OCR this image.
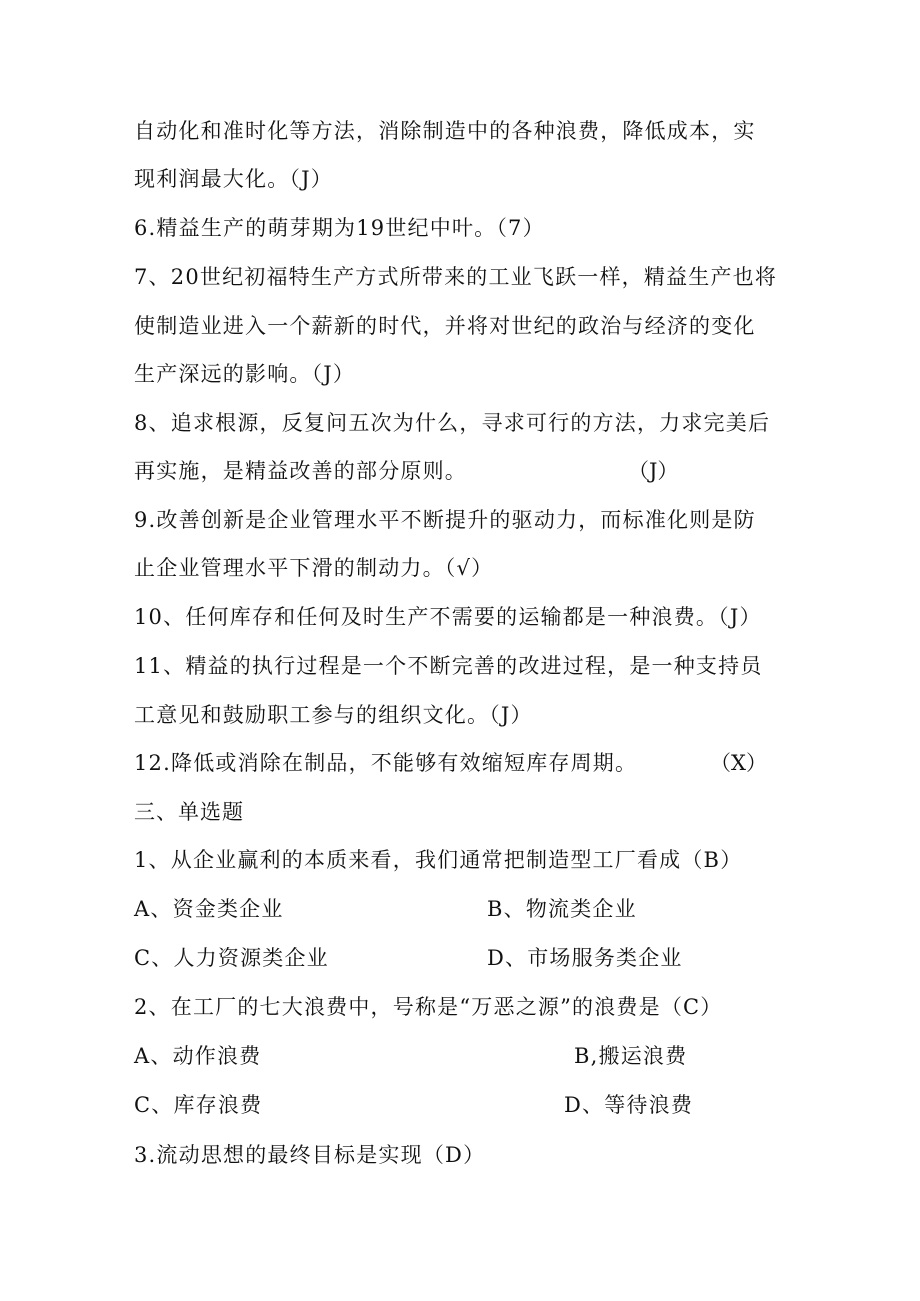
自动化和准时化等方法，消除制造中的各种浪费，降低成本，实
现利润最大化。（J）
6.精益生产的萌芽期为19世纪中叶。（7）
7、20世纪初福特生产方式所带来的工业飞跃一样，精益生产也将
使制造业进入一个薪新的时代，并将对世纪的政治与经济的变化
生产深远的影响。（J）
8、追求根源，反复问五次为什么，寻求可行的方法，力求完美后
再实施，是精益改善的部分原则。	（J）
9.改善创新是企业管理水平不断提升的驱动力，而标准化则是防
止企业管理水平下滑的制动力。（√）
10、任何库存和任何及时生产不需要的运输都是一种浪费。（J）
11、精益的执行过程是一个不断完善的改进过程，是一种支持员
工意见和鼓励职工参与的组织文化。（J）
12.降低或消除在制品，不能够有效缩短库存周期。	（X）
三、单选题
1、从企业赢利的本质来看，我们通常把制造型工厂看成（B）
A、资金类企业	B、物流类企业
C、人力资源类企业	D、市场服务类企业
2、在工厂的七大浪费中，号称是“万恶之源”的浪费是（C）
A、动作浪费	B,搬运浪费
C、库存浪费	D、等待浪费
3.流动思想的最终目标是实现（D）
